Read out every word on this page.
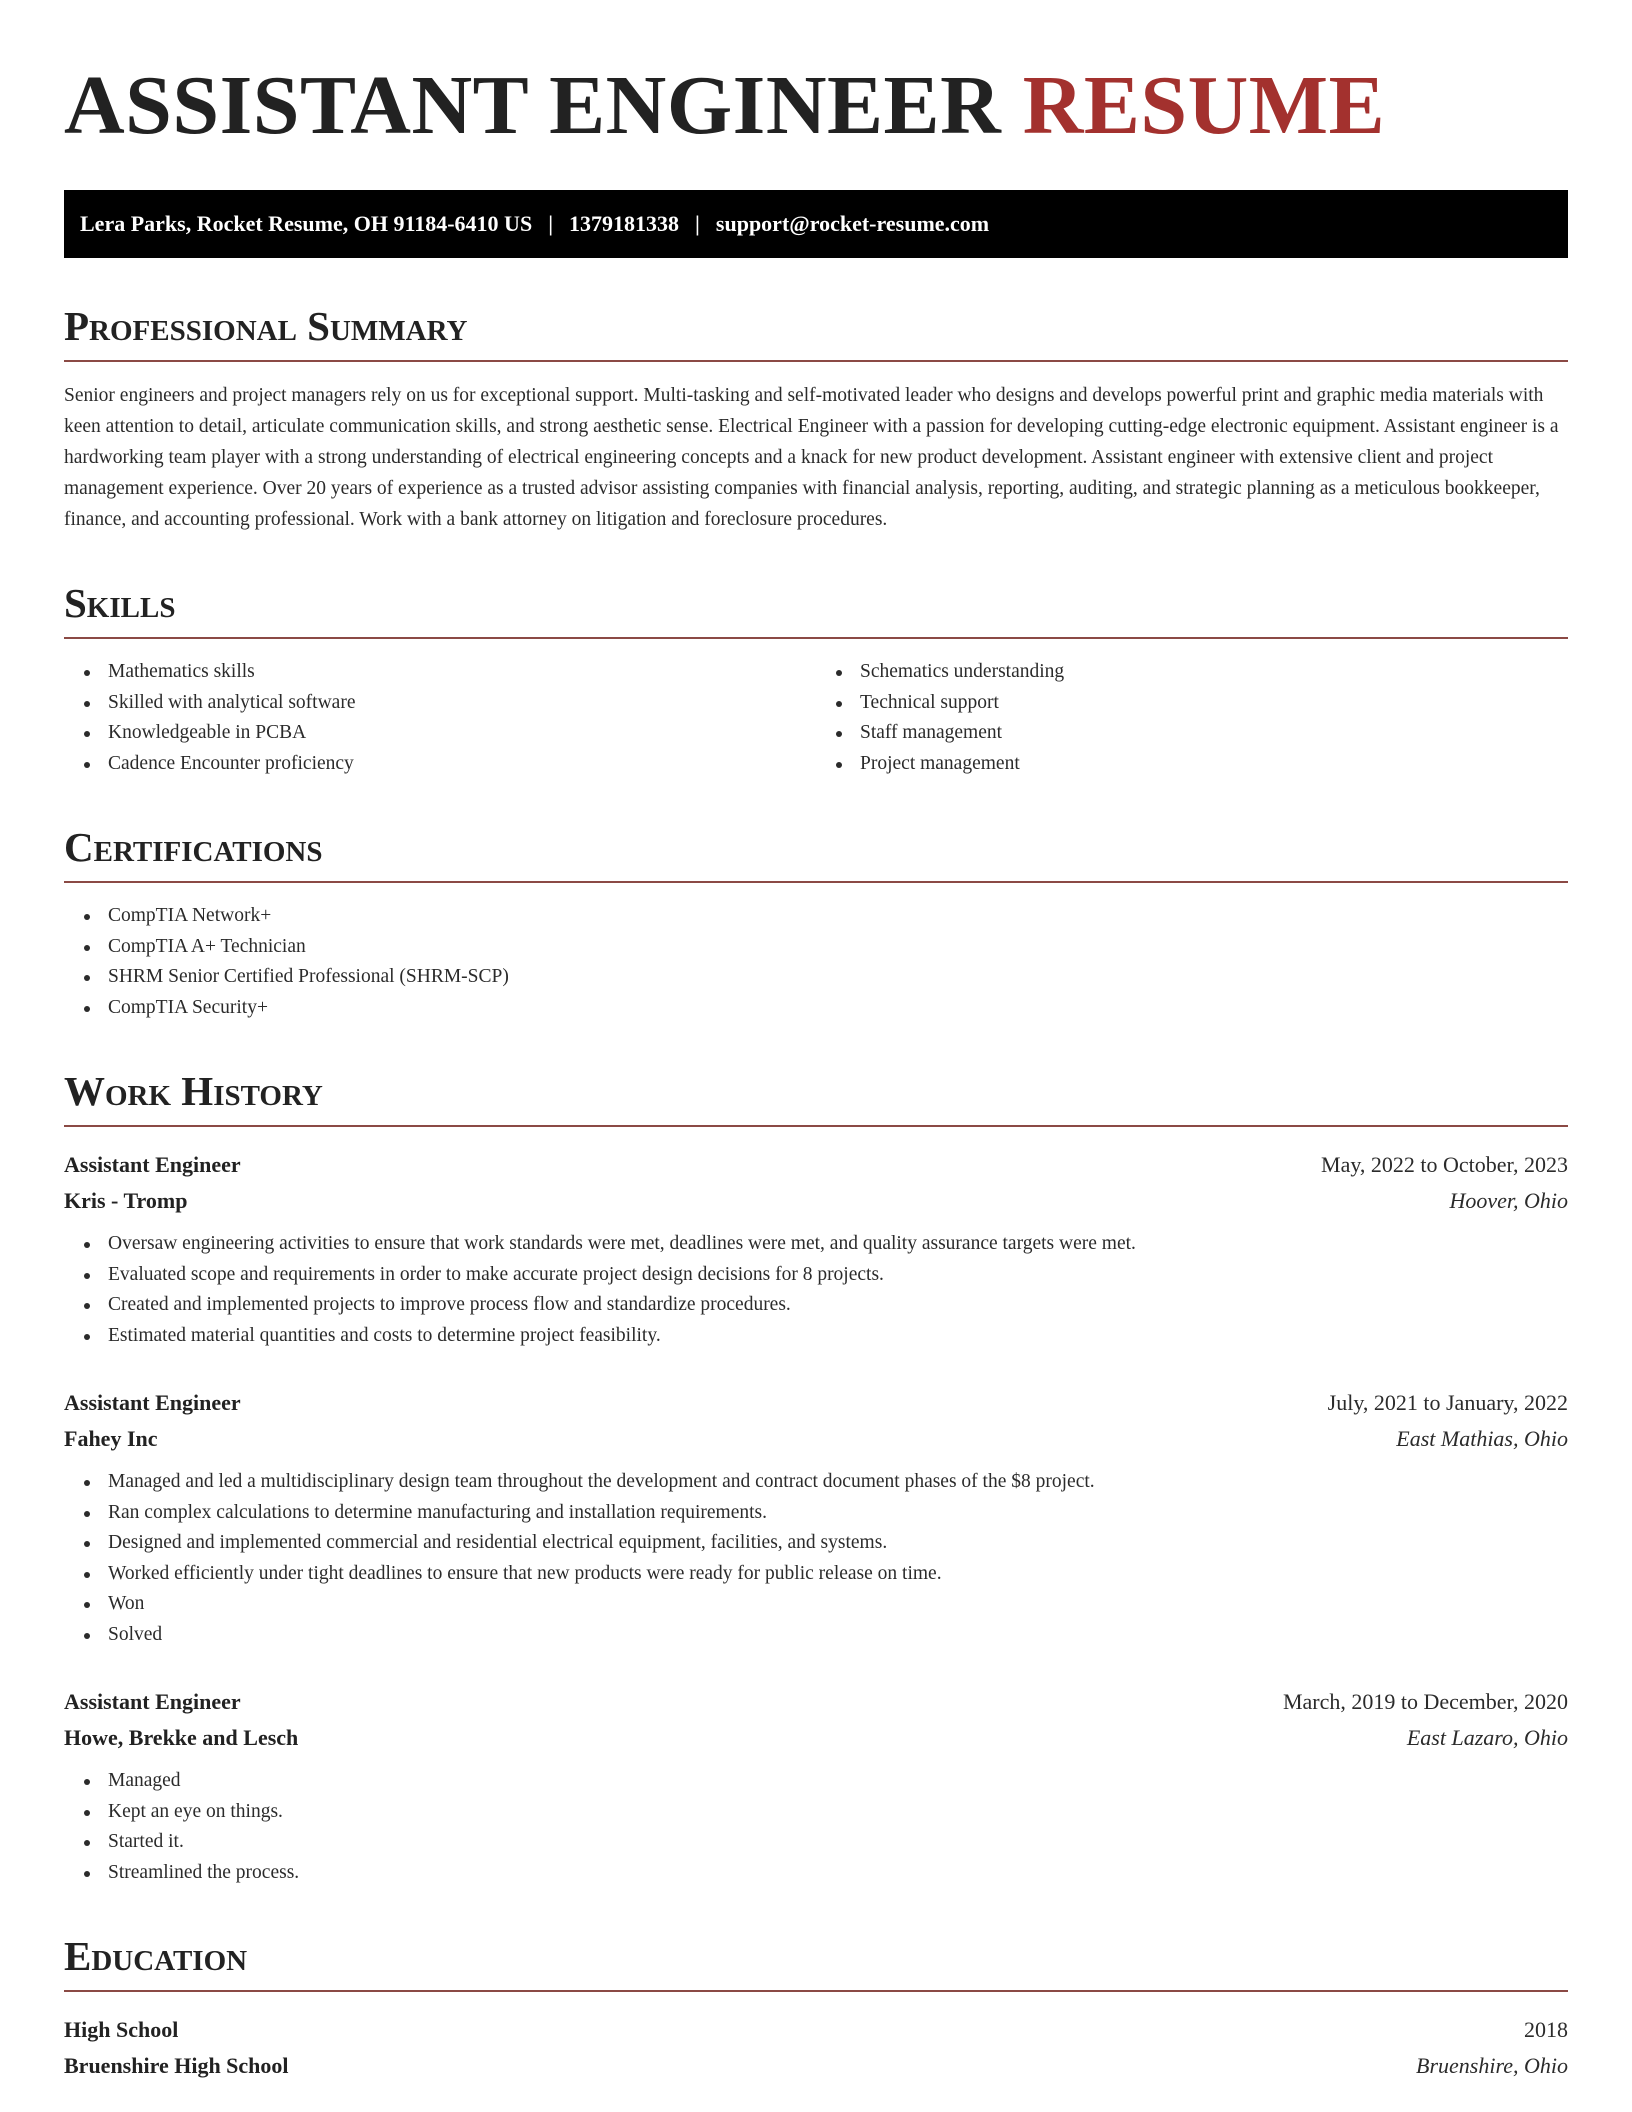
ASSISTANT ENGINEER RESUME
Lera Parks, Rocket Resume, OH 91184-6410 US | 1379181338 | support@rocket-resume.com
Professional Summary

Senior engineers and project managers rely on us for exceptional support. Multi-tasking and self-motivated leader who designs and develops powerful print and graphic media materials with keen attention to detail, articulate communication skills, and strong aesthetic sense. Electrical Engineer with a passion for developing cutting-edge electronic equipment. Assistant engineer is a hardworking team player with a strong understanding of electrical engineering concepts and a knack for new product development. Assistant engineer with extensive client and project management experience. Over 20 years of experience as a trusted advisor assisting companies with financial analysis, reporting, auditing, and strategic planning as a meticulous bookkeeper, finance, and accounting professional. Work with a bank attorney on litigation and foreclosure procedures.

Skills
Mathematics skills
Skilled with analytical software
Knowledgeable in PCBA
Cadence Encounter proficiency
Schematics understanding
Technical support
Staff management
Project management
Certifications
CompTIA Network+
CompTIA A+ Technician
SHRM Senior Certified Professional (SHRM-SCP)
CompTIA Security+
Work History
Assistant Engineer	May, 2022 to October, 2023
Kris - Tromp	Hoover, Ohio
Oversaw engineering activities to ensure that work standards were met, deadlines were met, and quality assurance targets were met.
Evaluated scope and requirements in order to make accurate project design decisions for 8 projects.
Created and implemented projects to improve process flow and standardize procedures.
Estimated material quantities and costs to determine project feasibility.
Assistant Engineer	July, 2021 to January, 2022
Fahey Inc	East Mathias, Ohio
Managed and led a multidisciplinary design team throughout the development and contract document phases of the $8 project.
Ran complex calculations to determine manufacturing and installation requirements.
Designed and implemented commercial and residential electrical equipment, facilities, and systems.
Worked efficiently under tight deadlines to ensure that new products were ready for public release on time.
Won
Solved
Assistant Engineer	March, 2019 to December, 2020
Howe, Brekke and Lesch	East Lazaro, Ohio
Managed
Kept an eye on things.
Started it.
Streamlined the process.
Education
High School	2018
Bruenshire High School	Bruenshire, Ohio
